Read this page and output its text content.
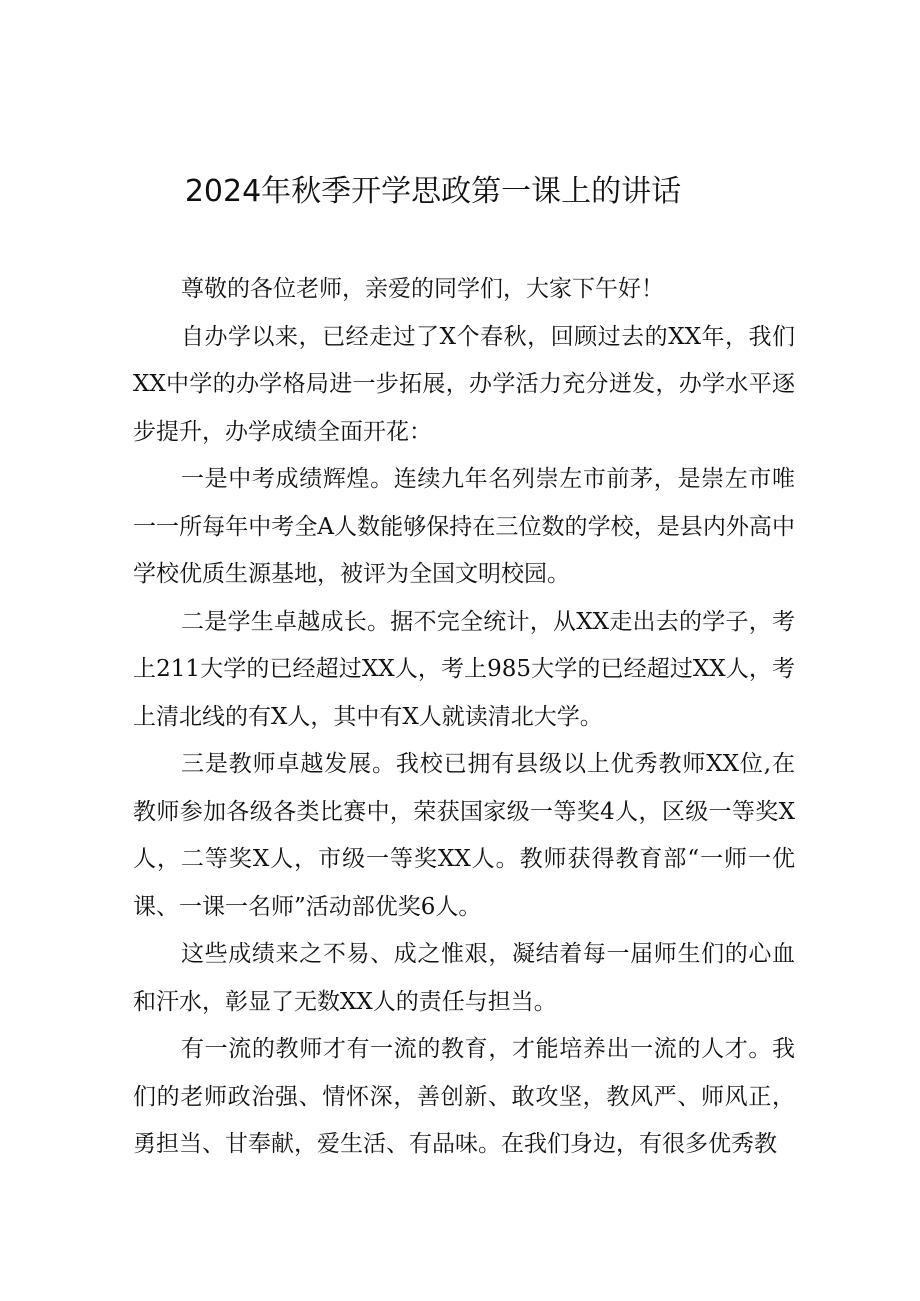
2024年秋季开学思政第一课上的讲话

尊敬的各位老师，亲爱的同学们，大家下午好！

自办学以来，已经走过了X个春秋，回顾过去的XX年，我们XX中学的办学格局进一步拓展，办学活力充分迸发，办学水平逐步提升，办学成绩全面开花：

一是中考成绩辉煌。连续九年名列崇左市前茅，是崇左市唯一一所每年中考全A人数能够保持在三位数的学校，是县内外高中学校优质生源基地，被评为全国文明校园。

二是学生卓越成长。据不完全统计，从XX走出去的学子，考上211大学的已经超过XX人，考上985大学的已经超过XX人，考上清北线的有X人，其中有X人就读清北大学。

三是教师卓越发展。我校已拥有县级以上优秀教师XX位,在教师参加各级各类比赛中，荣获国家级一等奖4人，区级一等奖X人，二等奖X人，市级一等奖XX人。教师获得教育部“一师一优课、一课一名师”活动部优奖6人。

这些成绩来之不易、成之惟艰，凝结着每一届师生们的心血和汗水，彰显了无数XX人的责任与担当。

有一流的教师才有一流的教育，才能培养出一流的人才。我们的老师政治强、情怀深，善创新、敢攻坚，教风严、师风正，勇担当、甘奉献，爱生活、有品味。在我们身边，有很多优秀教
